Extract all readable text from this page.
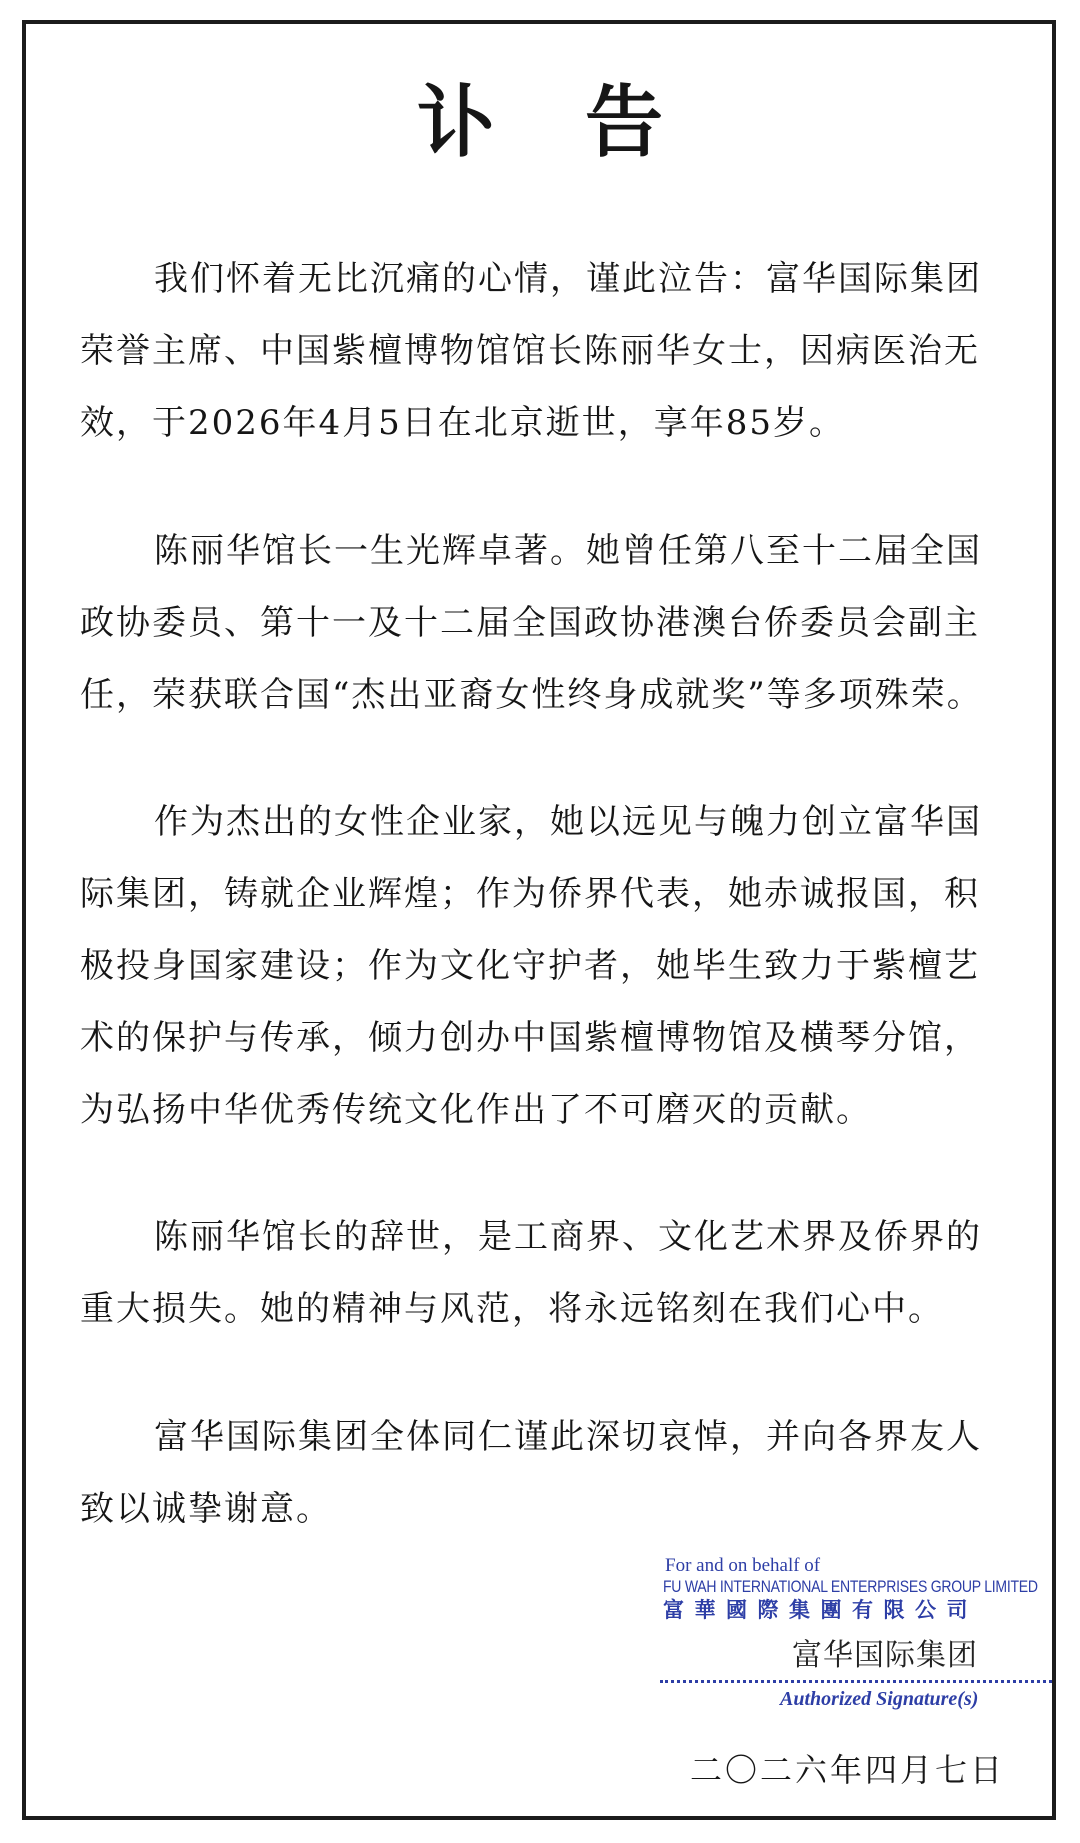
讣告

我们怀着无比沉痛的心情，谨此泣告：富华国际集团荣誉主席、中国紫檀博物馆馆长陈丽华女士，因病医治无效，于2026年4月5日在北京逝世，享年85岁。

陈丽华馆长一生光辉卓著。她曾任第八至十二届全国政协委员、第十一及十二届全国政协港澳台侨委员会副主任，荣获联合国“杰出亚裔女性终身成就奖”等多项殊荣。

作为杰出的女性企业家，她以远见与魄力创立富华国际集团，铸就企业辉煌；作为侨界代表，她赤诚报国，积极投身国家建设；作为文化守护者，她毕生致力于紫檀艺术的保护与传承，倾力创办中国紫檀博物馆及横琴分馆，为弘扬中华优秀传统文化作出了不可磨灭的贡献。

陈丽华馆长的辞世，是工商界、文化艺术界及侨界的重大损失。她的精神与风范，将永远铭刻在我们心中。

富华国际集团全体同仁谨此深切哀悼，并向各界友人致以诚挚谢意。

For and on behalf of
FU WAH INTERNATIONAL ENTERPRISES GROUP LIMITED
富華國際集團有限公司
富华国际集团
Authorized Signature(s)
二〇二六年四月七日
